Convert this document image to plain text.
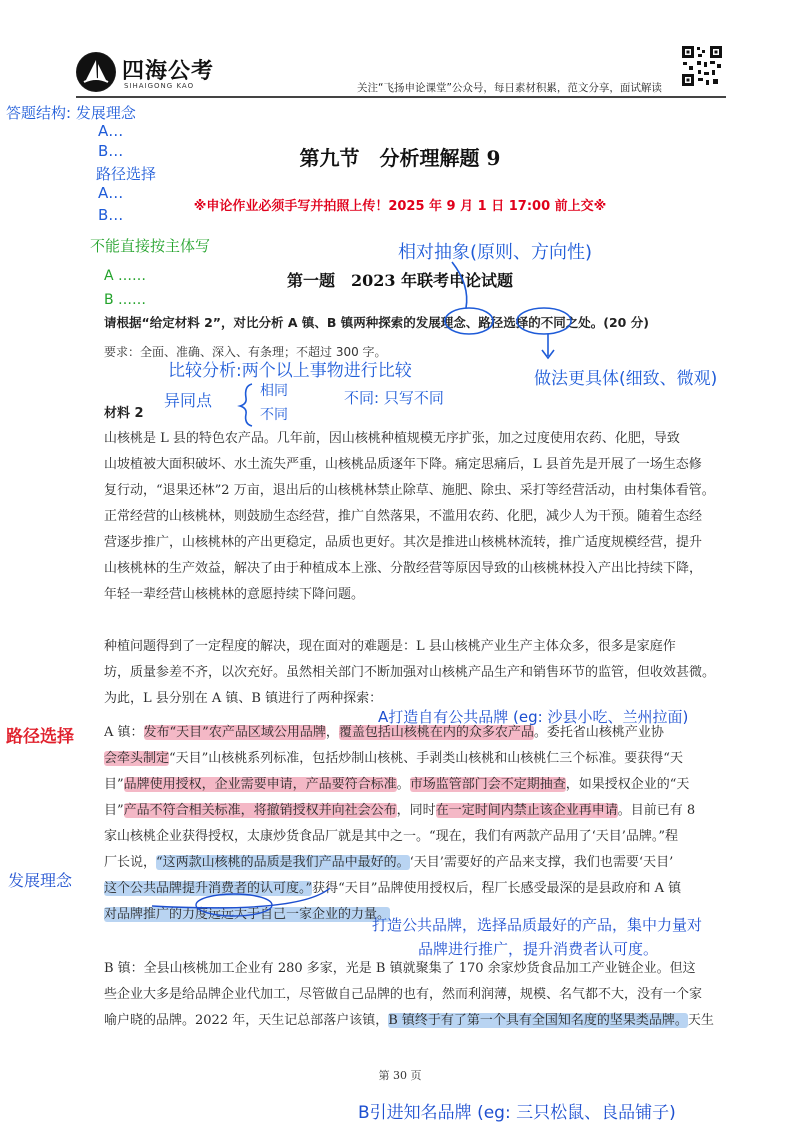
四海公考
SIHAIGONG KAO	关注“飞扬申论课堂”公众号，每日素材积累，范文分享，面试解读
第九节　分析理解题 9
※申论作业必须手写并拍照上传！2025 年 9 月 1 日 17:00 前上交※
第一题　2023 年联考申论试题
请根据“给定材料 2”，对比分析 A 镇、B 镇两种探索的发展理念、路径选择的不同之处。(20 分)
要求：全面、准确、深入、有条理；不超过 300 字。
材料 2
山核桃是 L 县的特色农产品。几年前，因山核桃种植规模无序扩张，加之过度使用农药、化肥，导致
山坡植被大面积破坏、水土流失严重，山核桃品质逐年下降。痛定思痛后，L 县首先是开展了一场生态修
复行动，“退果还林”2 万亩，退出后的山核桃林禁止除草、施肥、除虫、采打等经营活动，由村集体看管。
正常经营的山核桃林，则鼓励生态经营，推广自然落果，不滥用农药、化肥，减少人为干预。随着生态经
营逐步推广，山核桃林的产出更稳定，品质也更好。其次是推进山核桃林流转，推广适度规模经营，提升
山核桃林的生产效益，解决了由于种植成本上涨、分散经营等原因导致的山核桃林投入产出比持续下降，
年轻一辈经营山核桃林的意愿持续下降问题。
种植问题得到了一定程度的解决，现在面对的难题是：L 县山核桃产业生产主体众多，很多是家庭作
坊，质量参差不齐，以次充好。虽然相关部门不断加强对山核桃产品生产和销售环节的监管，但收效甚微。
为此，L 县分别在 A 镇、B 镇进行了两种探索：
A 镇：发布“天目”农产品区域公用品牌，覆盖包括山核桃在内的众多农产品。委托省山核桃产业协
会牵头制定“天目”山核桃系列标准，包括炒制山核桃、手剥类山核桃和山核桃仁三个标准。要获得“天
目”品牌使用授权，企业需要申请，产品要符合标准。市场监管部门会不定期抽查，如果授权企业的“天
目”产品不符合相关标准，将撤销授权并向社会公布，同时在一定时间内禁止该企业再申请。目前已有 8
家山核桃企业获得授权，太康炒货食品厂就是其中之一。“现在，我们有两款产品用了‘天目’品牌。”程
厂长说，“这两款山核桃的品质是我们产品中最好的。‘天目’需要好的产品来支撑，我们也需要‘天目’
这个公共品牌提升消费者的认可度。”获得“天目”品牌使用授权后，程厂长感受最深的是县政府和 A 镇
对品牌推广的力度远远大于自己一家企业的力量。
B 镇：全县山核桃加工企业有 280 多家，光是 B 镇就聚集了 170 余家炒货食品加工产业链企业。但这
些企业大多是给品牌企业代加工，尽管做自己品牌的也有，然而利润薄，规模、名气都不大，没有一个家
喻户晓的品牌。2022 年，天生记总部落户该镇，B 镇终于有了第一个具有全国知名度的坚果类品牌。天生
第 30 页
答题结构: 发展理念
A…
B…
路径选择
A…
B…
不能直接按主体写
A ……
B ……
相对抽象(原则、方向性)
做法更具体(细致、微观)
比较分析:两个以上事物进行比较
异同点	相同
不同
不同: 只写不同
路径选择
A打造自有公共品牌 (eg: 沙县小吃、兰州拉面)
发展理念
打造公共品牌，选择品质最好的产品，集中力量对
品牌进行推广，提升消费者认可度。
B引进知名品牌 (eg: 三只松鼠、良品铺子)
